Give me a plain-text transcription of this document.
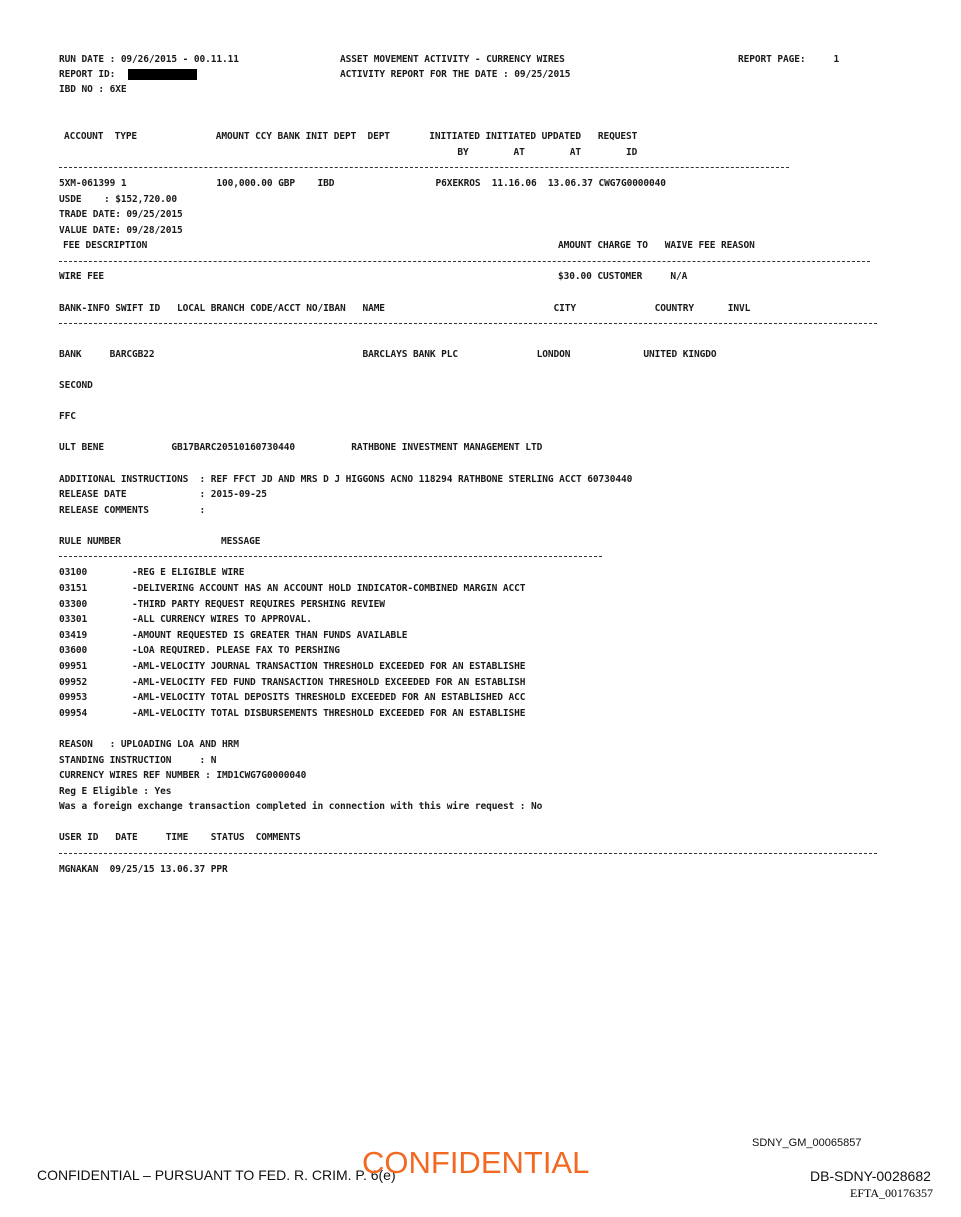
RUN DATE : 09/26/2015 - 00.11.11
REPORT ID:
IBD NO : 6XE
ASSET MOVEMENT ACTIVITY - CURRENCY WIRES
ACTIVITY REPORT FOR THE DATE : 09/25/2015
REPORT PAGE:     1
ACCOUNT  TYPE              AMOUNT CCY BANK INIT DEPT  DEPT       INITIATED INITIATED UPDATED   REQUEST
BY        AT        AT        ID
5XM-061399 1                100,000.00 GBP    IBD                  P6XEKROS  11.16.06  13.06.37 CWG7G0000040
USDE    : $152,720.00
TRADE DATE: 09/25/2015
VALUE DATE: 09/28/2015
FEE DESCRIPTION	AMOUNT CHARGE TO   WAIVE FEE REASON
WIRE FEE	$30.00 CUSTOMER     N/A
BANK-INFO SWIFT ID   LOCAL BRANCH CODE/ACCT NO/IBAN   NAME                              CITY              COUNTRY      INVL
BANK     BARCGB22                                     BARCLAYS BANK PLC              LONDON             UNITED KINGDO
SECOND
FFC
ULT BENE            GB17BARC20510160730440          RATHBONE INVESTMENT MANAGEMENT LTD
ADDITIONAL INSTRUCTIONS  : REF FFCT JD AND MRS D J HIGGONS ACNO 118294 RATHBONE STERLING ACCT 60730440
RELEASE DATE             : 2015-09-25
RELEASE COMMENTS         :
RULE NUMBER	MESSAGE
03100	-REG E ELIGIBLE WIRE
03151	-DELIVERING ACCOUNT HAS AN ACCOUNT HOLD INDICATOR-COMBINED MARGIN ACCT
03300	-THIRD PARTY REQUEST REQUIRES PERSHING REVIEW
03301	-ALL CURRENCY WIRES TO APPROVAL.
03419	-AMOUNT REQUESTED IS GREATER THAN FUNDS AVAILABLE
03600	-LOA REQUIRED. PLEASE FAX TO PERSHING
09951	-AML-VELOCITY JOURNAL TRANSACTION THRESHOLD EXCEEDED FOR AN ESTABLISHE
09952	-AML-VELOCITY FED FUND TRANSACTION THRESHOLD EXCEEDED FOR AN ESTABLISH
09953	-AML-VELOCITY TOTAL DEPOSITS THRESHOLD EXCEEDED FOR AN ESTABLISHED ACC
09954	-AML-VELOCITY TOTAL DISBURSEMENTS THRESHOLD EXCEEDED FOR AN ESTABLISHE
REASON   : UPLOADING LOA AND HRM
STANDING INSTRUCTION     : N
CURRENCY WIRES REF NUMBER : IMD1CWG7G0000040
Reg E Eligible : Yes
Was a foreign exchange transaction completed in connection with this wire request : No
USER ID   DATE     TIME    STATUS  COMMENTS
MGNAKAN  09/25/15 13.06.37 PPR
SDNY_GM_00065857
CONFIDENTIAL – PURSUANT TO FED. R. CRIM. P. 6(e)
CONFIDENTIAL	DB-SDNY-0028682
EFTA_00176357
